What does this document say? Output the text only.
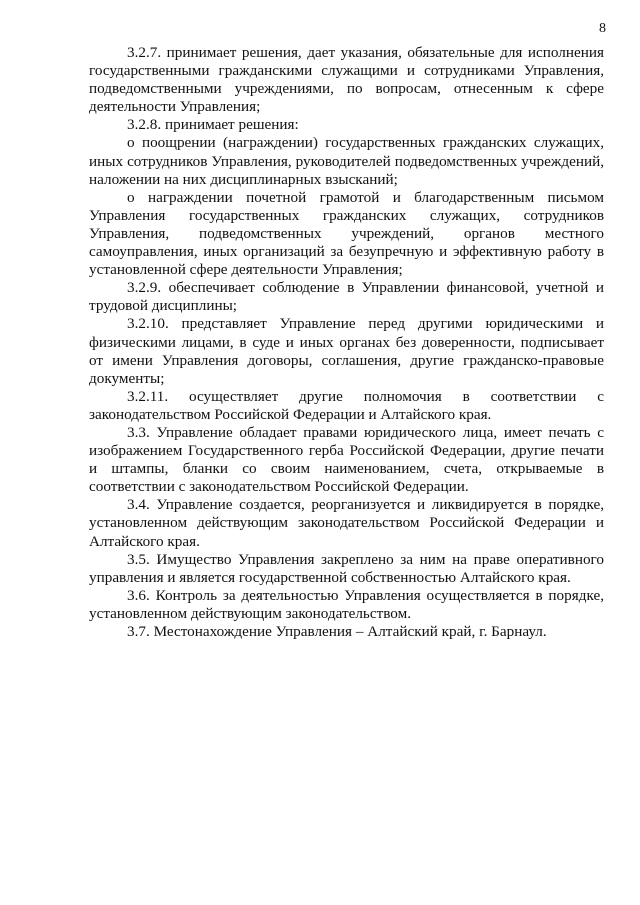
8

3.2.7. принимает решения, дает указания, обязательные для исполнения государственными гражданскими служащими и сотрудниками Управления, подведомственными учреждениями, по вопросам, отнесенным к сфере деятельности Управления;

3.2.8. принимает решения:

о поощрении (награждении) государственных гражданских служащих, иных сотрудников Управления, руководителей подведомственных учреждений, наложении на них дисциплинарных взысканий;

о награждении почетной грамотой и благодарственным письмом Управления государственных гражданских служащих, сотрудников Управления, подведомственных учреждений, органов местного самоуправления, иных организаций за безупречную и эффективную работу в установленной сфере деятельности Управления;

3.2.9. обеспечивает соблюдение в Управлении финансовой, учетной и трудовой дисциплины;

3.2.10. представляет Управление перед другими юридическими и физическими лицами, в суде и иных органах без доверенности, подписывает от имени Управления договоры, соглашения, другие гражданско-правовые документы;

3.2.11. осуществляет другие полномочия в соответствии с законодательством Российской Федерации и Алтайского края.

3.3. Управление обладает правами юридического лица, имеет печать с изображением Государственного герба Российской Федерации, другие печати и штампы, бланки со своим наименованием, счета, открываемые в соответствии с законодательством Российской Федерации.

3.4. Управление создается, реорганизуется и ликвидируется в порядке, установленном действующим законодательством Российской Федерации и Алтайского края.

3.5. Имущество Управления закреплено за ним на праве оперативного управления и является государственной собственностью Алтайского края.

3.6. Контроль за деятельностью Управления осуществляется в порядке, установленном действующим законодательством.

3.7. Местонахождение Управления – Алтайский край, г. Барнаул.
